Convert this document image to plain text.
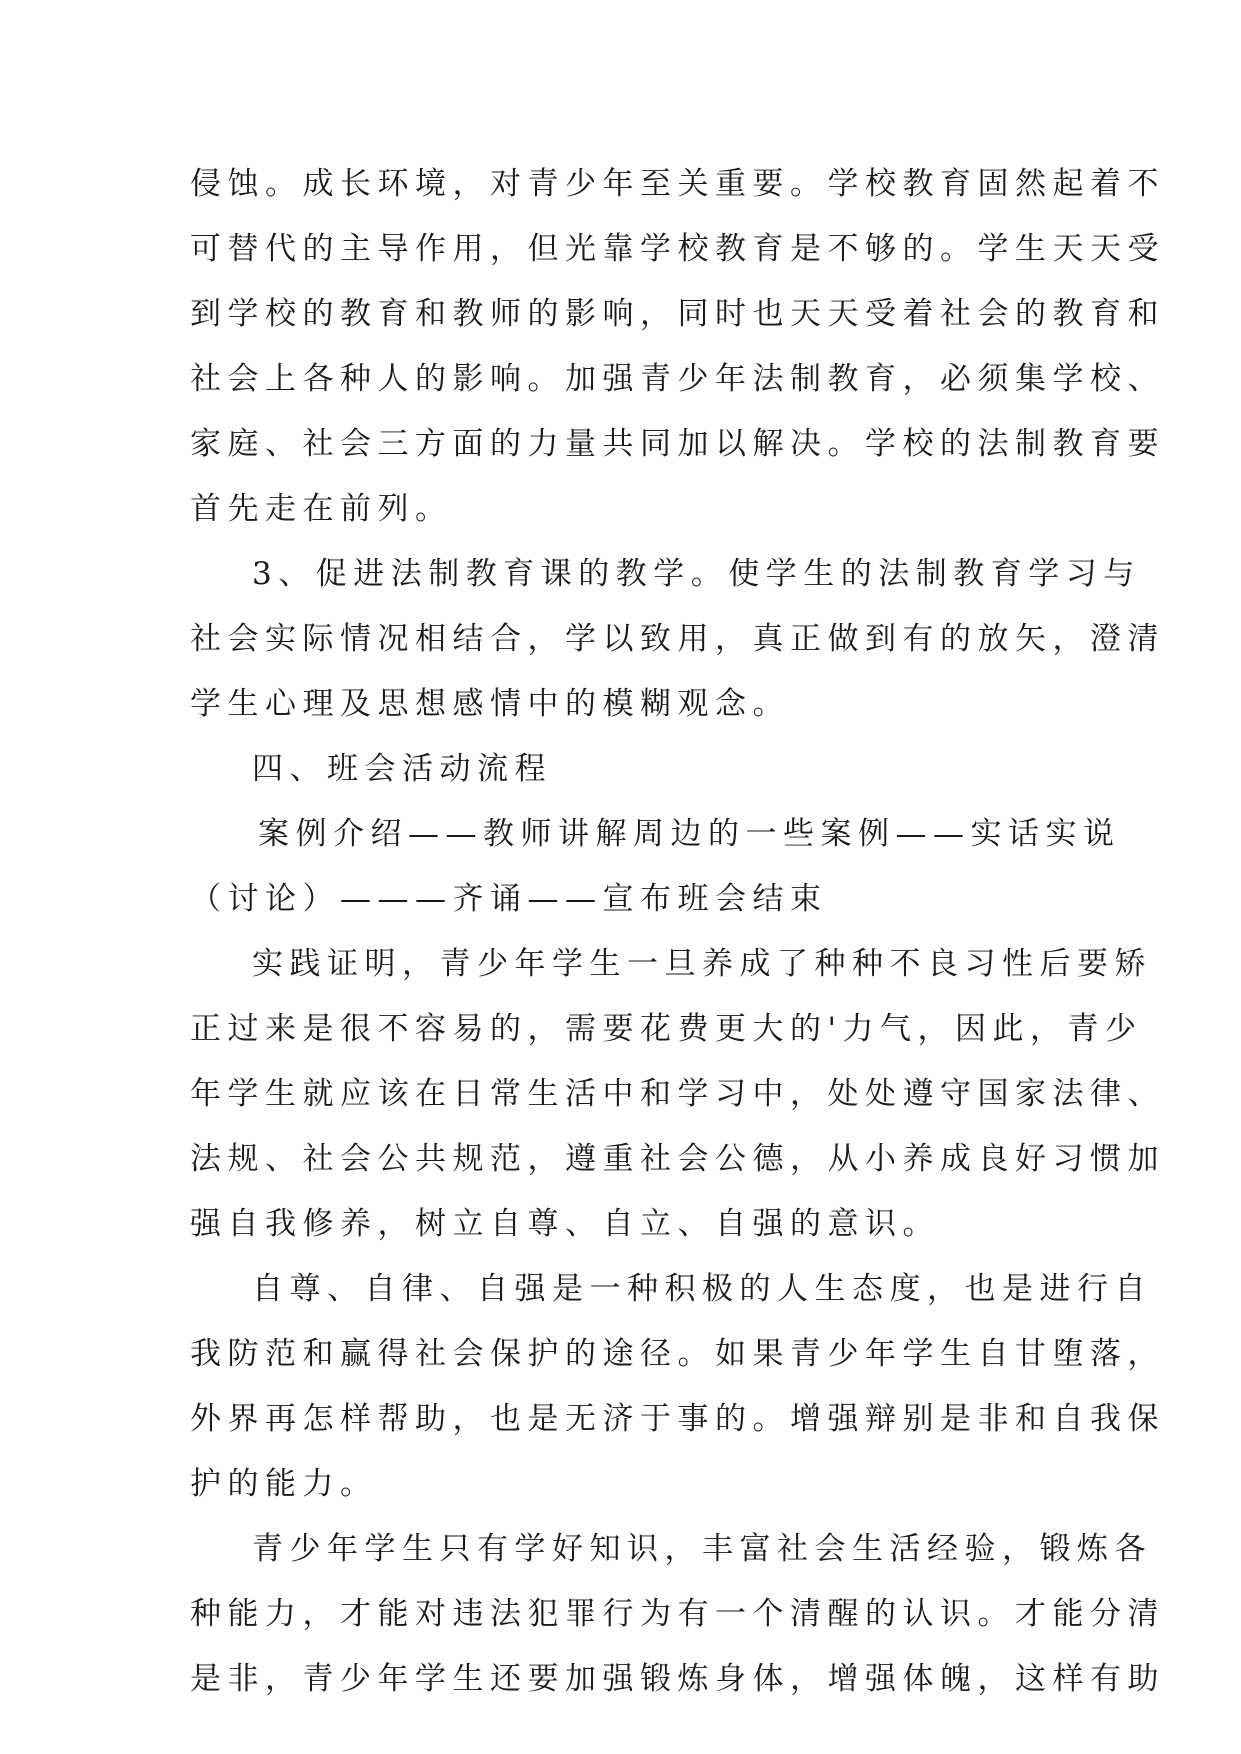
侵蚀。成长环境，对青少年至关重要。学校教育固然起着不
可替代的主导作用，但光靠学校教育是不够的。学生天天受
到学校的教育和教师的影响，同时也天天受着社会的教育和
社会上各种人的影响。加强青少年法制教育，必须集学校、
家庭、社会三方面的力量共同加以解决。学校的法制教育要
首先走在前列。
3、促进法制教育课的教学。使学生的法制教育学习与
社会实际情况相结合，学以致用，真正做到有的放矢，澄清
学生心理及思想感情中的模糊观念。
四、班会活动流程
案例介绍——教师讲解周边的一些案例——实话实说
（讨论）———齐诵——宣布班会结束
实践证明，青少年学生一旦养成了种种不良习性后要矫
正过来是很不容易的，需要花费更大的'力气，因此，青少
年学生就应该在日常生活中和学习中，处处遵守国家法律、
法规、社会公共规范，遵重社会公德，从小养成良好习惯加
强自我修养，树立自尊、自立、自强的意识。
自尊、自律、自强是一种积极的人生态度，也是进行自
我防范和赢得社会保护的途径。如果青少年学生自甘堕落，
外界再怎样帮助，也是无济于事的。增强辩别是非和自我保
护的能力。
青少年学生只有学好知识，丰富社会生活经验，锻炼各
种能力，才能对违法犯罪行为有一个清醒的认识。才能分清
是非，青少年学生还要加强锻炼身体，增强体魄，这样有助
